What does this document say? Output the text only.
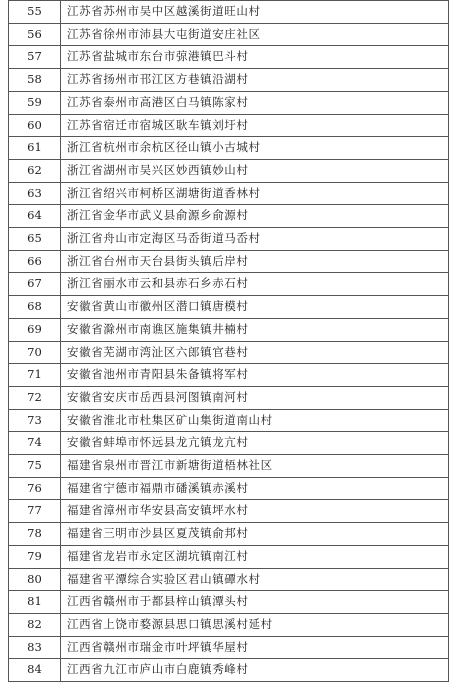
55	江苏省苏州市吴中区越溪街道旺山村
56	江苏省徐州市沛县大屯街道安庄社区
57	江苏省盐城市东台市弶港镇巴斗村
58	江苏省扬州市邗江区方巷镇沿湖村
59	江苏省泰州市高港区白马镇陈家村
60	江苏省宿迁市宿城区耿车镇刘圩村
61	浙江省杭州市余杭区径山镇小古城村
62	浙江省湖州市吴兴区妙西镇妙山村
63	浙江省绍兴市柯桥区湖塘街道香林村
64	浙江省金华市武义县俞源乡俞源村
65	浙江省舟山市定海区马岙街道马岙村
66	浙江省台州市天台县街头镇后岸村
67	浙江省丽水市云和县赤石乡赤石村
68	安徽省黄山市徽州区潜口镇唐模村
69	安徽省滁州市南谯区施集镇井楠村
70	安徽省芜湖市湾沚区六郎镇官巷村
71	安徽省池州市青阳县朱备镇将军村
72	安徽省安庆市岳西县河图镇南河村
73	安徽省淮北市杜集区矿山集街道南山村
74	安徽省蚌埠市怀远县龙亢镇龙亢村
75	福建省泉州市晋江市新塘街道梧林社区
76	福建省宁德市福鼎市磻溪镇赤溪村
77	福建省漳州市华安县高安镇坪水村
78	福建省三明市沙县区夏茂镇俞邦村
79	福建省龙岩市永定区湖坑镇南江村
80	福建省平潭综合实验区君山镇磹水村
81	江西省赣州市于都县梓山镇潭头村
82	江西省上饶市婺源县思口镇思溪村延村
83	江西省赣州市瑞金市叶坪镇华屋村
84	江西省九江市庐山市白鹿镇秀峰村
